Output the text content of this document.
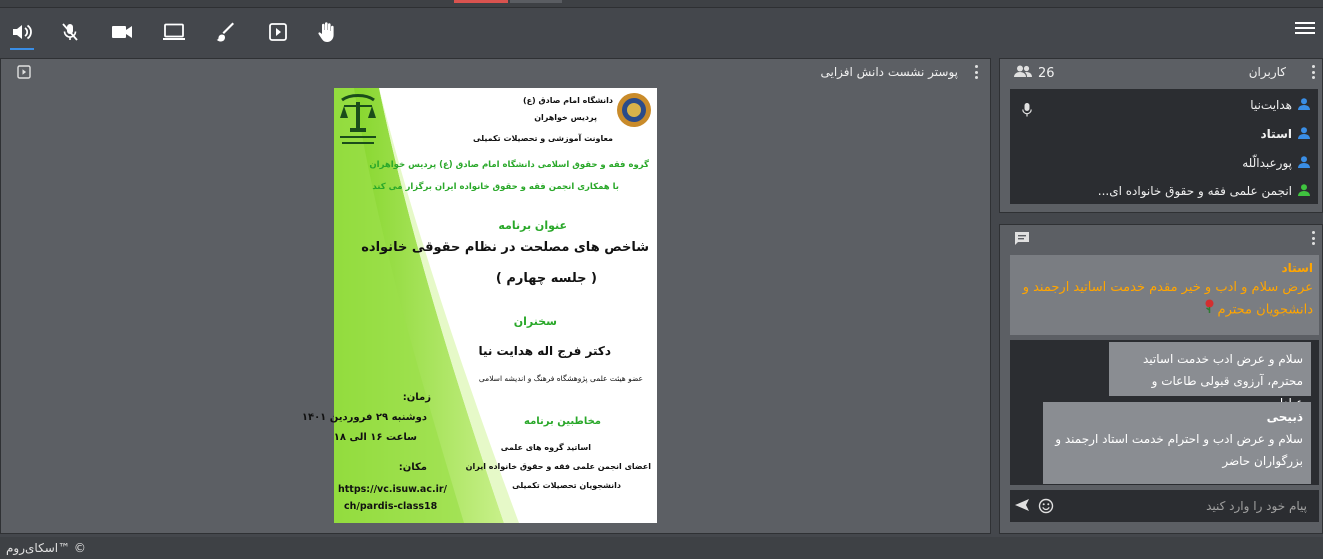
پوستر نشست دانش افزایی
دانشگاه امام صادق (ع)
پردیس خواهران
معاونت آموزشی و تحصیلات تکمیلی
گروه فقه و حقوق اسلامی دانشگاه امام صادق (ع) پردیس خواهران
با همکاری انجمن فقه و حقوق خانواده ایران برگزار می کند
عنوان برنامه
شاخص های مصلحت در نظام حقوقی خانواده
( جلسه چهارم )
سخنران
دکتر فرج اله هدایت نیا
عضو هیئت علمی پژوهشگاه فرهنگ و اندیشه اسلامی
زمان:
دوشنبه ۲۹ فروردین ۱۴۰۱
ساعت ۱۶ الی ۱۸
مکان:
https://vc.isuw.ac.ir/
ch/pardis-class18
مخاطبین برنامه
اساتید گروه های علمی
اعضای انجمن علمی فقه و حقوق خانواده ایران
دانشجویان تحصیلات تکمیلی
26	کاربران
هدایت‌نیا
استاد
پورعبدالّله
انجمن علمی فقه و حقوق خانواده ای...
استاد
عرض سلام و ادب و خیر مقدم خدمت اساتید ارجمند و دانشجویان محترم
سلام و عرض ادب خدمت اساتید محترم، آرزوی قبولی طاعات و
ذبیحی
سلام و عرض ادب و احترام خدمت استاد ارجمند و بزرگواران حاضر
پیام خود را وارد کنید
اسکای‌روم™ ©
